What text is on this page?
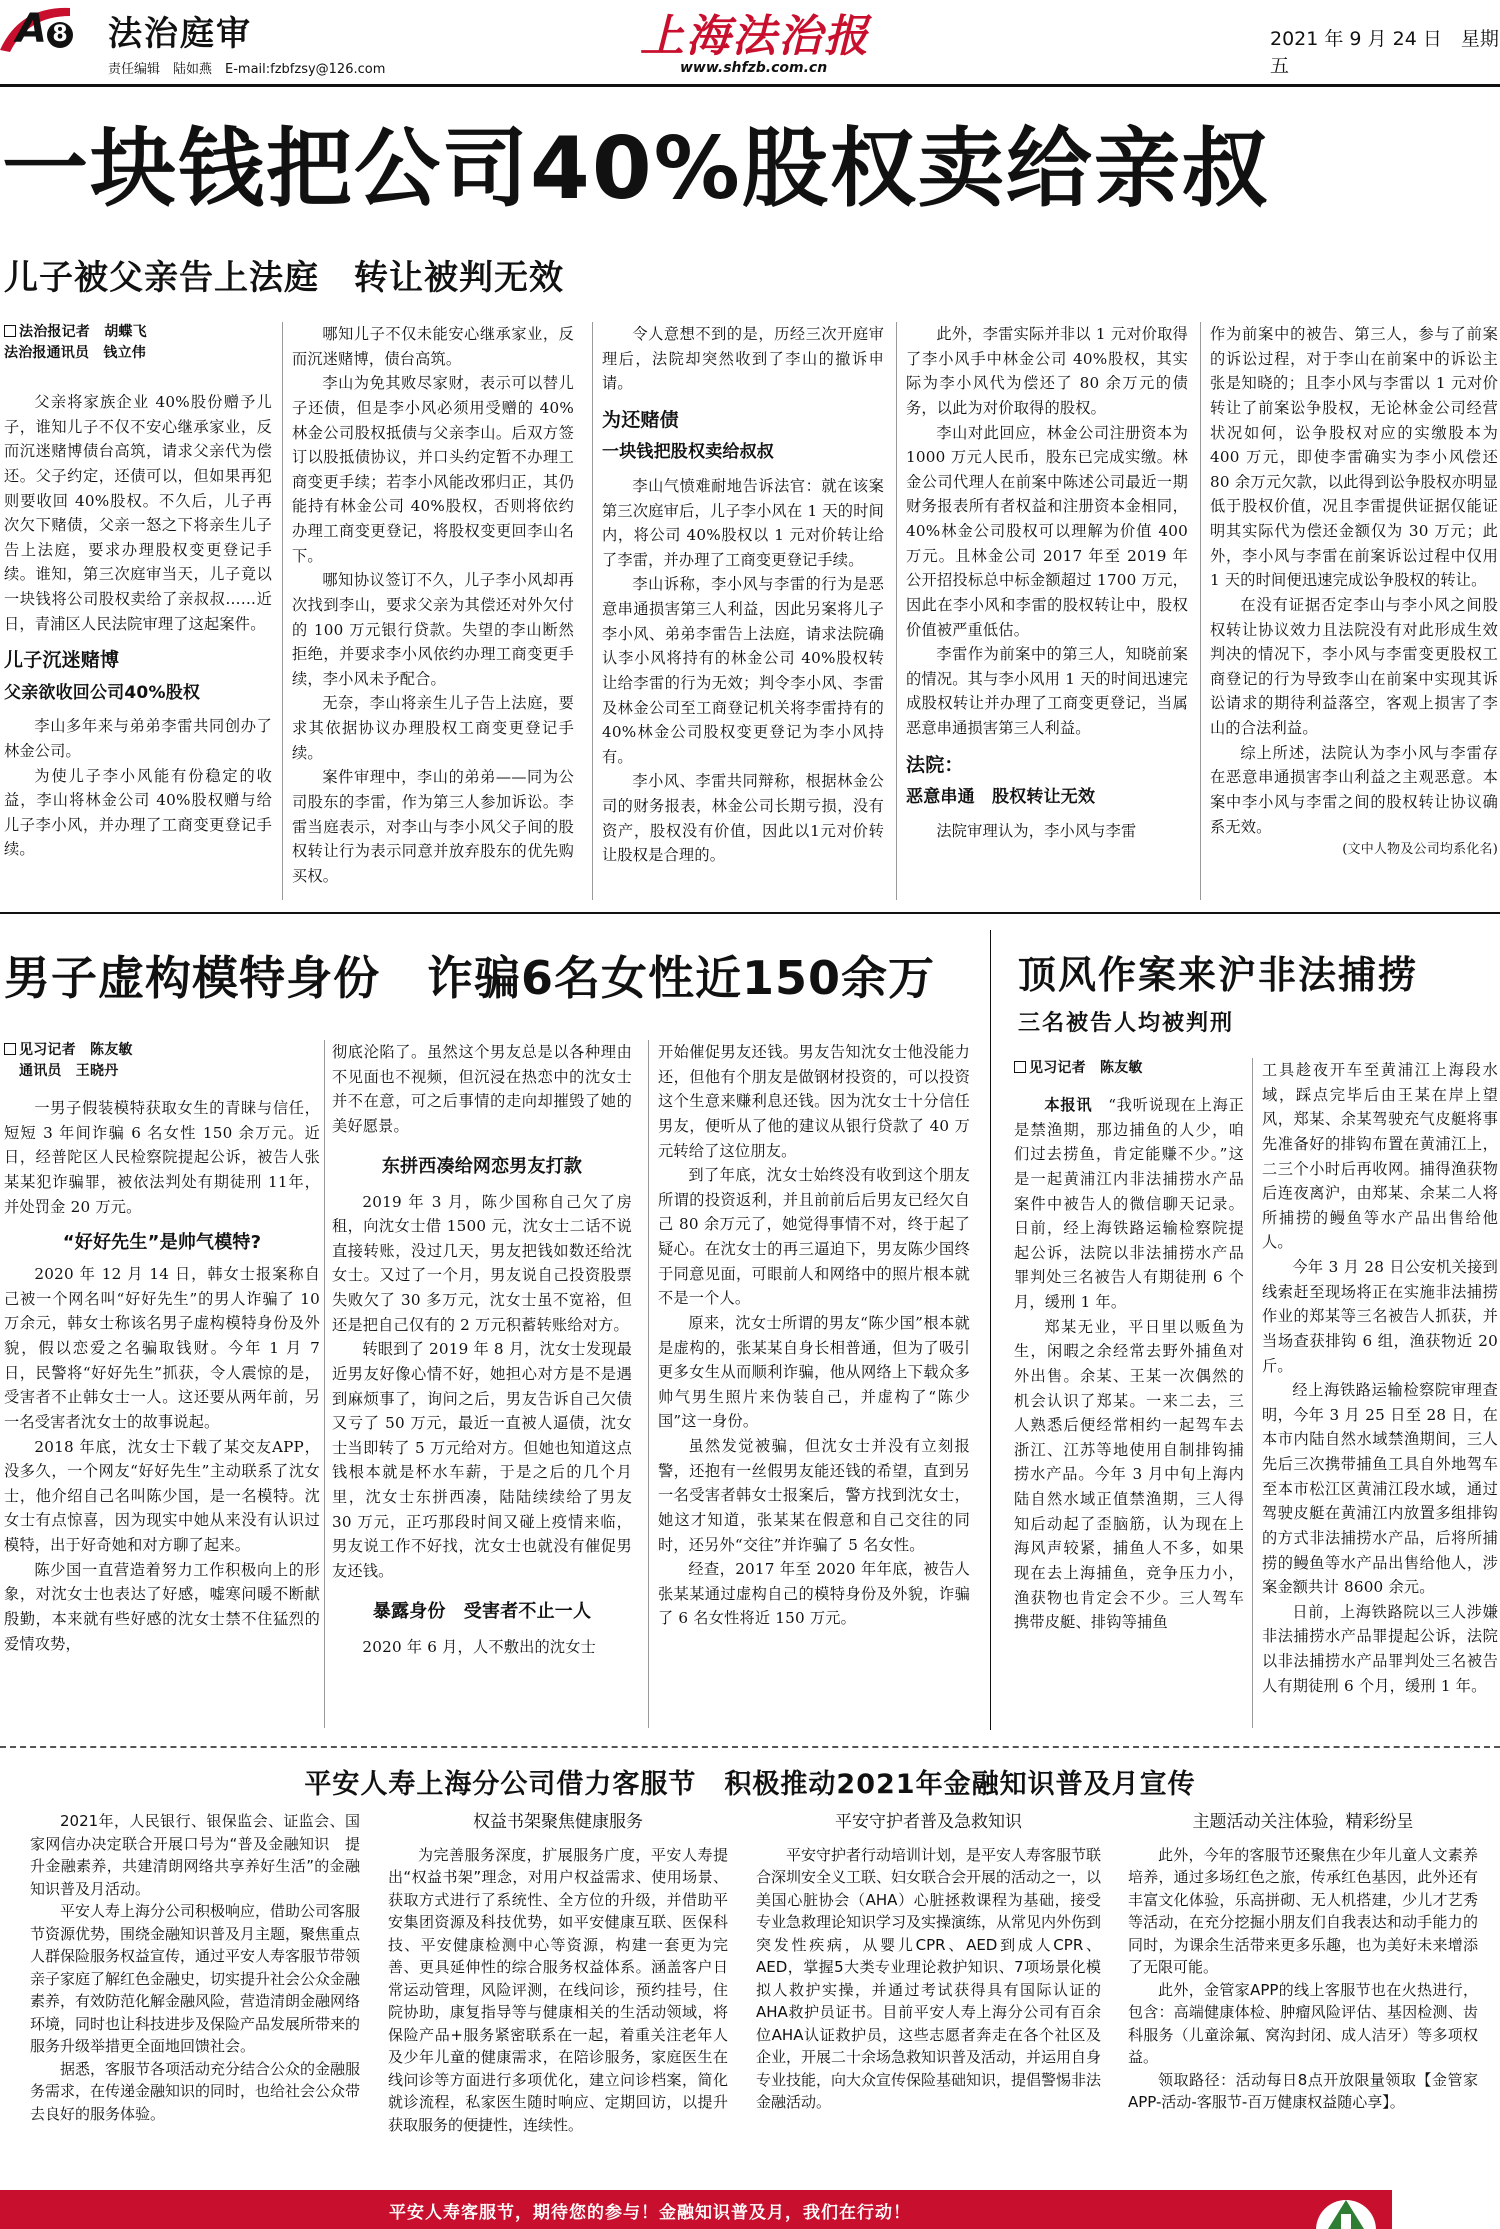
A 8 法治庭审
责任编辑　陆如燕　E-mail:fzbfzsy@126.com
上海法治报
www.shfzb.com.cn
2021 年 9 月 24 日　星期五
一块钱把公司40%股权卖给亲叔
儿子被父亲告上法庭　转让被判无效
法治报记者　胡蝶飞
法治报通讯员　钱立伟

父亲将家族企业 40%股份赠予儿子，谁知儿子不仅不安心继承家业，反而沉迷赌博债台高筑，请求父亲代为偿还。父子约定，还债可以，但如果再犯则要收回 40%股权。不久后，儿子再次欠下赌债，父亲一怒之下将亲生儿子告上法庭，要求办理股权变更登记手续。谁知，第三次庭审当天，儿子竟以一块钱将公司股权卖给了亲叔叔……近日，青浦区人民法院审理了这起案件。

儿子沉迷赌博
父亲欲收回公司40%股权

李山多年来与弟弟李雷共同创办了林金公司。

为使儿子李小风能有份稳定的收益，李山将林金公司 40%股权赠与给儿子李小风，并办理了工商变更登记手续。

哪知儿子不仅未能安心继承家业，反而沉迷赌博，债台高筑。

李山为免其败尽家财，表示可以替儿子还债，但是李小风必须用受赠的 40%林金公司股权抵债与父亲李山。后双方签订以股抵债协议，并口头约定暂不办理工商变更手续；若李小风能改邪归正，其仍能持有林金公司 40%股权，否则将依约办理工商变更登记，将股权变更回李山名下。

哪知协议签订不久，儿子李小风却再次找到李山，要求父亲为其偿还对外欠付的 100 万元银行贷款。失望的李山断然拒绝，并要求李小风依约办理工商变更手续，李小风未予配合。

无奈，李山将亲生儿子告上法庭，要求其依据协议办理股权工商变更登记手续。

案件审理中，李山的弟弟——同为公司股东的李雷，作为第三人参加诉讼。李雷当庭表示，对李山与李小风父子间的股权转让行为表示同意并放弃股东的优先购买权。

令人意想不到的是，历经三次开庭审理后，法院却突然收到了李山的撤诉申请。

为还赌债
一块钱把股权卖给叔叔

李山气愤难耐地告诉法官：就在该案第三次庭审后，儿子李小风在 1 天的时间内，将公司 40%股权以 1 元对价转让给了李雷，并办理了工商变更登记手续。

李山诉称，李小风与李雷的行为是恶意串通损害第三人利益，因此另案将儿子李小风、弟弟李雷告上法庭，请求法院确认李小风将持有的林金公司 40%股权转让给李雷的行为无效；判令李小风、李雷及林金公司至工商登记机关将李雷持有的 40%林金公司股权变更登记为李小风持有。

李小风、李雷共同辩称，根据林金公司的财务报表，林金公司长期亏损，没有资产，股权没有价值，因此以1元对价转让股权是合理的。

此外，李雷实际并非以 1 元对价取得了李小风手中林金公司 40%股权，其实际为李小风代为偿还了 80 余万元的债务，以此为对价取得的股权。

李山对此回应，林金公司注册资本为 1000 万元人民币，股东已完成实缴。林金公司代理人在前案中陈述公司最近一期财务报表所有者权益和注册资本金相同，40%林金公司股权可以理解为价值 400 万元。且林金公司 2017 年至 2019 年公开招投标总中标金额超过 1700 万元，因此在李小风和李雷的股权转让中，股权价值被严重低估。

李雷作为前案中的第三人，知晓前案的情况。其与李小风用 1 天的时间迅速完成股权转让并办理了工商变更登记，当属恶意串通损害第三人利益。

法院：
恶意串通　股权转让无效

法院审理认为，李小风与李雷

作为前案中的被告、第三人，参与了前案的诉讼过程，对于李山在前案中的诉讼主张是知晓的；且李小风与李雷以 1 元对价转让了前案讼争股权，无论林金公司经营状况如何，讼争股权对应的实缴股本为 400 万元，即使李雷确实为李小风偿还 80 余万元欠款，以此得到讼争股权亦明显低于股权价值，况且李雷提供证据仅能证明其实际代为偿还金额仅为 30 万元；此外，李小风与李雷在前案诉讼过程中仅用 1 天的时间便迅速完成讼争股权的转让。

在没有证据否定李山与李小风之间股权转让协议效力且法院没有对此形成生效判决的情况下，李小风与李雷变更股权工商登记的行为导致李山在前案中实现其诉讼请求的期待利益落空，客观上损害了李山的合法利益。

综上所述，法院认为李小风与李雷存在恶意串通损害李山利益之主观恶意。本案中李小风与李雷之间的股权转让协议确系无效。

(文中人物及公司均系化名)
男子虚构模特身份　诈骗6名女性近150余万
见习记者　陈友敏
通讯员　王晓丹

一男子假装模特获取女生的青睐与信任，短短 3 年间诈骗 6 名女性 150 余万元。近日，经普陀区人民检察院提起公诉，被告人张某某犯诈骗罪，被依法判处有期徒刑 11年，并处罚金 20 万元。

“好好先生”是帅气模特?

2020 年 12 月 14 日，韩女士报案称自己被一个网名叫“好好先生”的男人诈骗了 10 万余元，韩女士称该名男子虚构模特身份及外貌，假以恋爱之名骗取钱财。今年 1 月 7 日，民警将“好好先生”抓获，令人震惊的是，受害者不止韩女士一人。这还要从两年前，另一名受害者沈女士的故事说起。

2018 年底，沈女士下载了某交友APP，没多久，一个网友“好好先生”主动联系了沈女士，他介绍自己名叫陈少国，是一名模特。沈女士有点惊喜，因为现实中她从来没有认识过模特，出于好奇她和对方聊了起来。

陈少国一直营造着努力工作积极向上的形象，对沈女士也表达了好感，嘘寒问暖不断献殷勤，本来就有些好感的沈女士禁不住猛烈的爱情攻势，

彻底沦陷了。虽然这个男友总是以各种理由不见面也不视频，但沉浸在热恋中的沈女士并不在意，可之后事情的走向却摧毁了她的美好愿景。

东拼西凑给网恋男友打款

2019 年 3 月，陈少国称自己欠了房租，向沈女士借 1500 元，沈女士二话不说直接转账，没过几天，男友把钱如数还给沈女士。又过了一个月，男友说自己投资股票失败欠了 30 多万元，沈女士虽不宽裕，但还是把自己仅有的 2 万元积蓄转账给对方。

转眼到了 2019 年 8 月，沈女士发现最近男友好像心情不好，她担心对方是不是遇到麻烦事了，询问之后，男友告诉自己欠债又亏了 50 万元，最近一直被人逼债，沈女士当即转了 5 万元给对方。但她也知道这点钱根本就是杯水车薪，于是之后的几个月里，沈女士东拼西凑，陆陆续续给了男友 30 万元，正巧那段时间又碰上疫情来临，男友说工作不好找，沈女士也就没有催促男友还钱。

暴露身份　受害者不止一人

2020 年 6 月，人不敷出的沈女士

开始催促男友还钱。男友告知沈女士他没能力还，但他有个朋友是做钢材投资的，可以投资这个生意来赚利息还钱。因为沈女士十分信任男友，便听从了他的建议从银行贷款了 40 万元转给了这位朋友。

到了年底，沈女士始终没有收到这个朋友所谓的投资返利，并且前前后后男友已经欠自己 80 余万元了，她觉得事情不对，终于起了疑心。在沈女士的再三逼迫下，男友陈少国终于同意见面，可眼前人和网络中的照片根本就不是一个人。

原来，沈女士所谓的男友“陈少国”根本就是虚构的，张某某自身长相普通，但为了吸引更多女生从而顺利诈骗，他从网络上下载众多帅气男生照片来伪装自己，并虚构了“陈少国”这一身份。

虽然发觉被骗，但沈女士并没有立刻报警，还抱有一丝假男友能还钱的希望，直到另一名受害者韩女士报案后，警方找到沈女士，她这才知道，张某某在假意和自己交往的同时，还另外“交往”并诈骗了 5 名女性。

经查，2017 年至 2020 年年底，被告人张某某通过虚构自己的模特身份及外貌，诈骗了 6 名女性将近 150 万元。

顶风作案来沪非法捕捞
三名被告人均被判刑
见习记者　陈友敏

本报讯　 “我听说现在上海正是禁渔期，那边捕鱼的人少，咱们过去捞鱼，肯定能赚不少。”这是一起黄浦江内非法捕捞水产品案件中被告人的微信聊天记录。日前，经上海铁路运输检察院提起公诉，法院以非法捕捞水产品罪判处三名被告人有期徒刑 6 个月，缓刑 1 年。

郑某无业，平日里以贩鱼为生，闲暇之余经常去野外捕鱼对外出售。余某、王某一次偶然的机会认识了郑某。一来二去，三人熟悉后便经常相约一起驾车去浙江、江苏等地使用自制排钩捕捞水产品。今年 3 月中旬上海内陆自然水域正值禁渔期，三人得知后动起了歪脑筋，认为现在上海风声较紧，捕鱼人不多，如果现在去上海捕鱼，竞争压力小，渔获物也肯定会不少。三人驾车携带皮艇、排钩等捕鱼

工具趁夜开车至黄浦江上海段水域，踩点完毕后由王某在岸上望风，郑某、余某驾驶充气皮艇将事先准备好的排钩布置在黄浦江上，二三个小时后再收网。捕得渔获物后连夜离沪，由郑某、余某二人将所捕捞的鳗鱼等水产品出售给他人。

今年 3 月 28 日公安机关接到线索赶至现场将正在实施非法捕捞作业的郑某等三名被告人抓获，并当场查获排钩 6 组，渔获物近 20 斤。

经上海铁路运输检察院审理查明，今年 3 月 25 日至 28 日，在本市内陆自然水域禁渔期间，三人先后三次携带捕鱼工具自外地驾车至本市松江区黄浦江段水域，通过驾驶皮艇在黄浦江内放置多组排钩的方式非法捕捞水产品，后将所捕捞的鳗鱼等水产品出售给他人，涉案金额共计 8600 余元。

日前，上海铁路院以三人涉嫌非法捕捞水产品罪提起公诉，法院以非法捕捞水产品罪判处三名被告人有期徒刑 6 个月，缓刑 1 年。

平安人寿上海分公司借力客服节　积极推动2021年金融知识普及月宣传

2021年，人民银行、银保监会、证监会、国家网信办决定联合开展口号为“普及金融知识　提升金融素养，共建清朗网络共享养好生活”的金融知识普及月活动。

平安人寿上海分公司积极响应，借助公司客服节资源优势，围绕金融知识普及月主题，聚焦重点人群保险服务权益宣传，通过平安人寿客服节带领亲子家庭了解红色金融史，切实提升社会公众金融素养，有效防范化解金融风险，营造清朗金融网络环境，同时也让科技进步及保险产品发展所带来的服务升级举措更全面地回馈社会。

据悉，客服节各项活动充分结合公众的金融服务需求，在传递金融知识的同时，也给社会公众带去良好的服务体验。

权益书架聚焦健康服务

为完善服务深度，扩展服务广度，平安人寿提出“权益书架”理念，对用户权益需求、使用场景、获取方式进行了系统性、全方位的升级，并借助平安集团资源及科技优势，如平安健康互联、医保科技、平安健康检测中心等资源，构建一套更为完善、更具延伸性的综合服务权益体系。涵盖客户日常运动管理，风险评测，在线问诊，预约挂号，住院协助，康复指导等与健康相关的生活动领域，将保险产品+服务紧密联系在一起，着重关注老年人及少年儿童的健康需求，在陪诊服务，家庭医生在线问诊等方面进行多项优化，建立问诊档案，简化就诊流程，私家医生随时响应、定期回访，以提升获取服务的便捷性，连续性。

平安守护者普及急救知识

平安守护者行动培训计划，是平安人寿客服节联合深圳安全义工联、妇女联合会开展的活动之一，以美国心脏协会（AHA）心脏拯救课程为基础，接受专业急救理论知识学习及实操演练，从常见内外伤到突发性疾病，从婴儿CPR、AED到成人CPR、AED，掌握5大类专业理论救护知识、7项场景化模拟人救护实操，并通过考试获得具有国际认证的AHA救护员证书。目前平安人寿上海分公司有百余位AHA认证救护员，这些志愿者奔走在各个社区及企业，开展二十余场急救知识普及活动，并运用自身专业技能，向大众宣传保险基础知识，提倡警惕非法金融活动。

主题活动关注体验，精彩纷呈

此外，今年的客服节还聚焦在少年儿童人文素养培养，通过多场红色之旅，传承红色基因，此外还有丰富文化体验，乐高拼砌、无人机搭建，少儿才艺秀等活动，在充分挖掘小朋友们自我表达和动手能力的同时，为课余生活带来更多乐趣，也为美好未来增添了无限可能。

此外，金管家APP的线上客服节也在火热进行，包含：高端健康体检、肿瘤风险评估、基因检测、齿科服务（儿童涂氟、窝沟封闭、成人洁牙）等多项权益。

领取路径：活动每日8点开放限量领取【金管家APP-活动-客服节-百万健康权益随心享】。

平安人寿客服节，期待您的参与！金融知识普及月，我们在行动！
